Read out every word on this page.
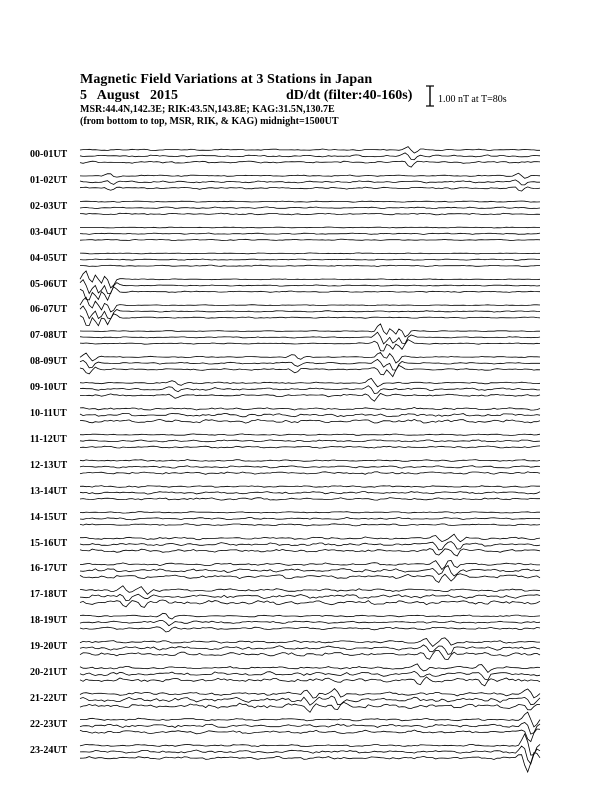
Magnetic Field Variations at 3 Stations in Japan
5   August   2015	dD/dt (filter:40-160s)
MSR:44.4N,142.3E; RIK:43.5N,143.8E; KAG:31.5N,130.7E
(from bottom to top, MSR, RIK, & KAG) midnight=1500UT
1.00 nT at T=80s
00-01UT
01-02UT
02-03UT
03-04UT
04-05UT
05-06UT
06-07UT
07-08UT
08-09UT
09-10UT
10-11UT
11-12UT
12-13UT
13-14UT
14-15UT
15-16UT
16-17UT
17-18UT
18-19UT
19-20UT
20-21UT
21-22UT
22-23UT
23-24UT
